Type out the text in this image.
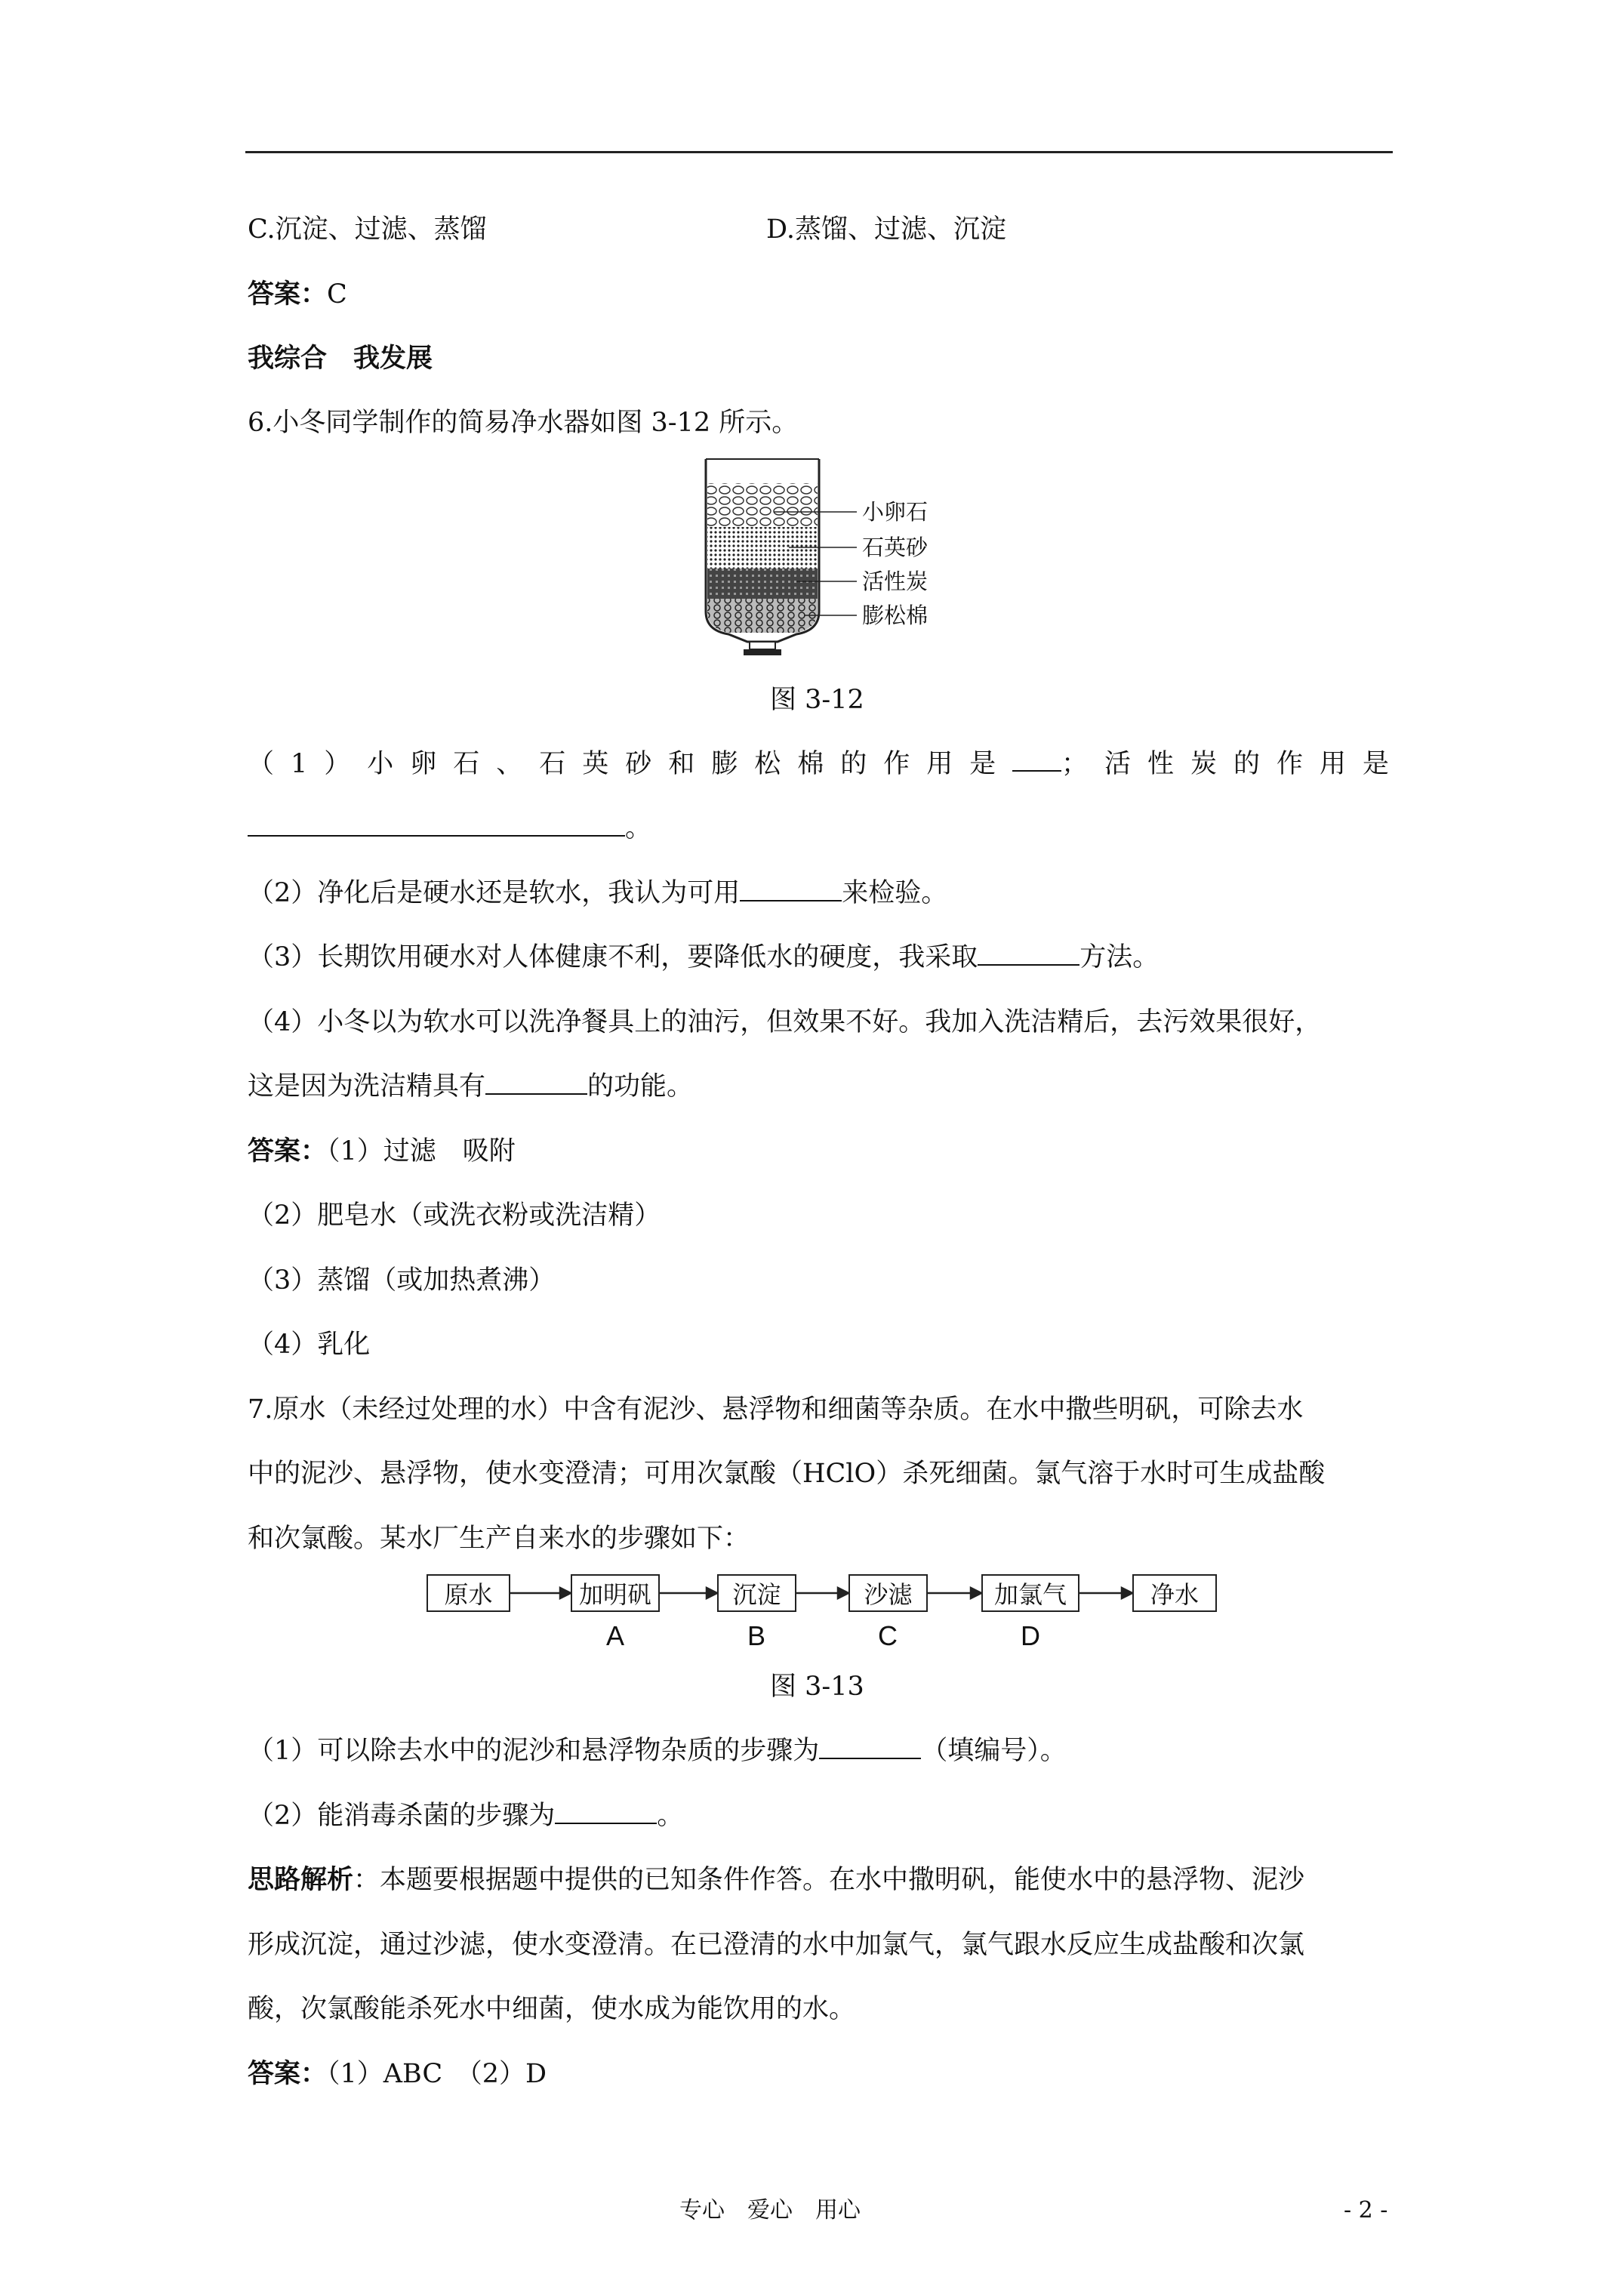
C.沉淀、过滤、蒸馏	D.蒸馏、过滤、沉淀
答案：C
我综合　我发展
6.小冬同学制作的简易净水器如图 3-12 所示。
小卵石
石英砂
活性炭
膨松棉
图 3-12
（1）小卵石、石英砂和膨松棉的作用是 ；活性炭的作用是
。
（2）净化后是硬水还是软水，我认为可用	来检验。
（3）长期饮用硬水对人体健康不利，要降低水的硬度，我采取	方法。
（4）小冬以为软水可以洗净餐具上的油污，但效果不好。我加入洗洁精后，去污效果很好，
这是因为洗洁精具有	的功能。
答案：（1）过滤　吸附
（2）肥皂水（或洗衣粉或洗洁精）
（3）蒸馏（或加热煮沸）
（4）乳化
7.原水（未经过处理的水）中含有泥沙、悬浮物和细菌等杂质。在水中撒些明矾，可除去水
中的泥沙、悬浮物，使水变澄清；可用次氯酸（HClO）杀死细菌。氯气溶于水时可生成盐酸
和次氯酸。某水厂生产自来水的步骤如下：
原水	加明矾	沉淀	沙滤	加氯气	净水
A	B	C	D
图 3-13
（1）可以除去水中的泥沙和悬浮物杂质的步骤为	（填编号）。
（2）能消毒杀菌的步骤为	。
思路解析：本题要根据题中提供的已知条件作答。在水中撒明矾，能使水中的悬浮物、泥沙
形成沉淀，通过沙滤，使水变澄清。在已澄清的水中加氯气，氯气跟水反应生成盐酸和次氯
酸，次氯酸能杀死水中细菌，使水成为能饮用的水。
答案：（1）ABC　（2）D
专心　爱心　用心	- 2 -
